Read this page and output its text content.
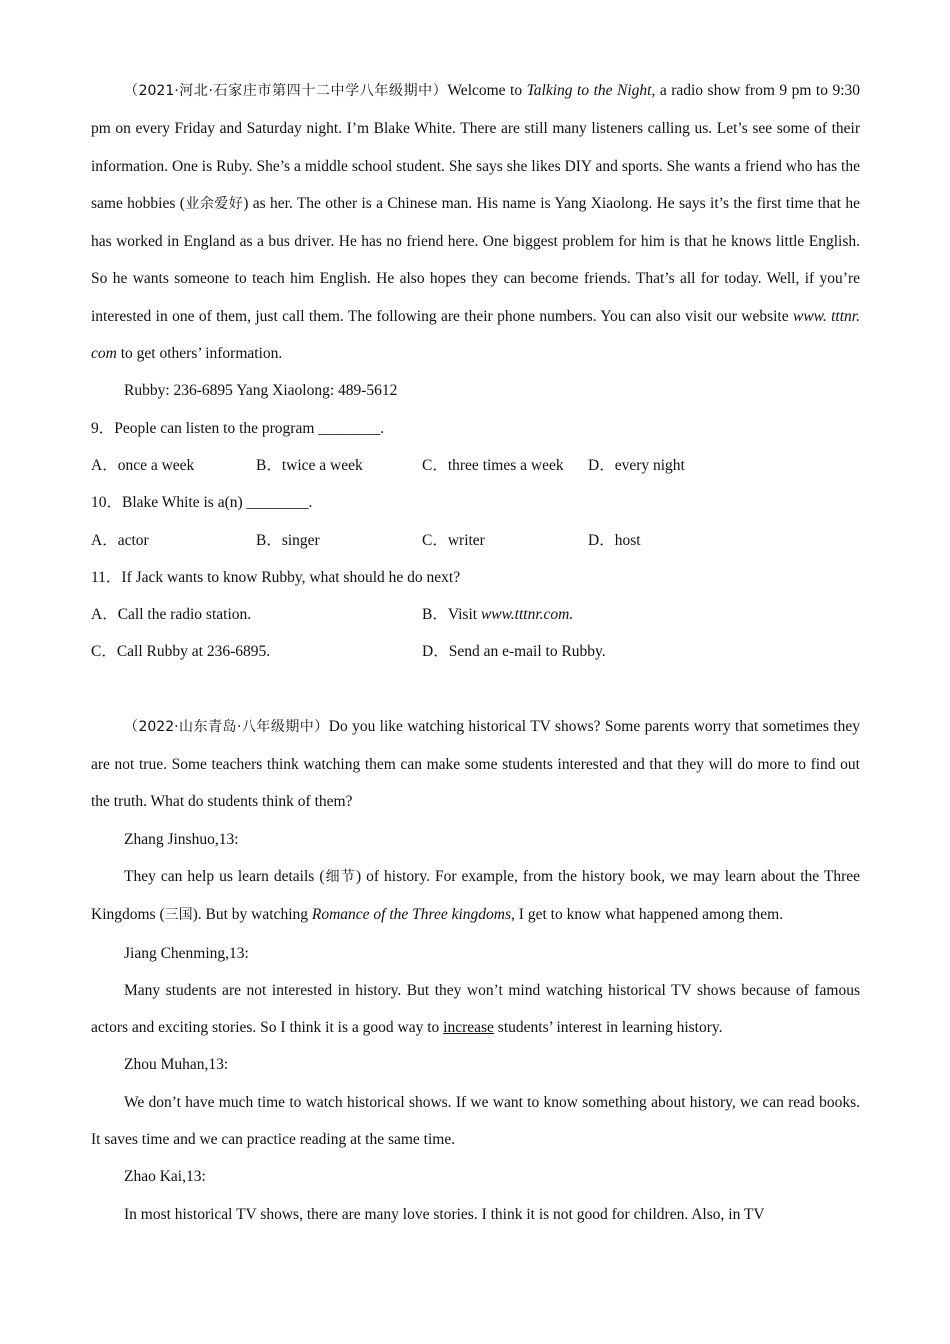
（2021·河北·石家庄市第四十二中学八年级期中）Welcome to Talking to the Night, a radio show from 9 pm to 9:30 pm on every Friday and Saturday night. I’m Blake White. There are still many listeners calling us. Let’s see some of their information. One is Ruby. She’s a middle school student. She says she likes DIY and sports. She wants a friend who has the same hobbies (业余爱好) as her. The other is a Chinese man. His name is Yang Xiaolong. He says it’s the first time that he has worked in England as a bus driver. He has no friend here. One biggest problem for him is that he knows little English. So he wants someone to teach him English. He also hopes they can become friends. That’s all for today. Well, if you’re interested in one of them, just call them. The following are their phone numbers. You can also visit our website www. tttnr. com to get others’ information.

Rubby: 236-6895 Yang Xiaolong: 489-5612
9．People can listen to the program ________.
A．once a week	B．twice a week	C．three times a week D．every night
10．Blake White is a(n) ________.
A．actor	B．singer	C．writer	D．host
11．If Jack wants to know Rubby, what should he do next?
A．Call the radio station.	B．Visit www.tttnr.com.
C．Call Rubby at 236-6895.	D．Send an e-mail to Rubby.

（2022·山东青岛·八年级期中）Do you like watching historical TV shows? Some parents worry that sometimes they are not true. Some teachers think watching them can make some students interested and that they will do more to find out the truth. What do students think of them?

Zhang Jinshuo,13:

They can help us learn details (细节) of history. For example, from the history book, we may learn about the Three Kingdoms (三国). But by watching Romance of the Three kingdoms, I get to know what happened among them.

Jiang Chenming,13:

Many students are not interested in history. But they won’t mind watching historical TV shows because of famous actors and exciting stories. So I think it is a good way to increase students’ interest in learning history.

Zhou Muhan,13:

We don’t have much time to watch historical shows. If we want to know something about history, we can read books. It saves time and we can practice reading at the same time.

Zhao Kai,13:

In most historical TV shows, there are many love stories. I think it is not good for children. Also, in TV
